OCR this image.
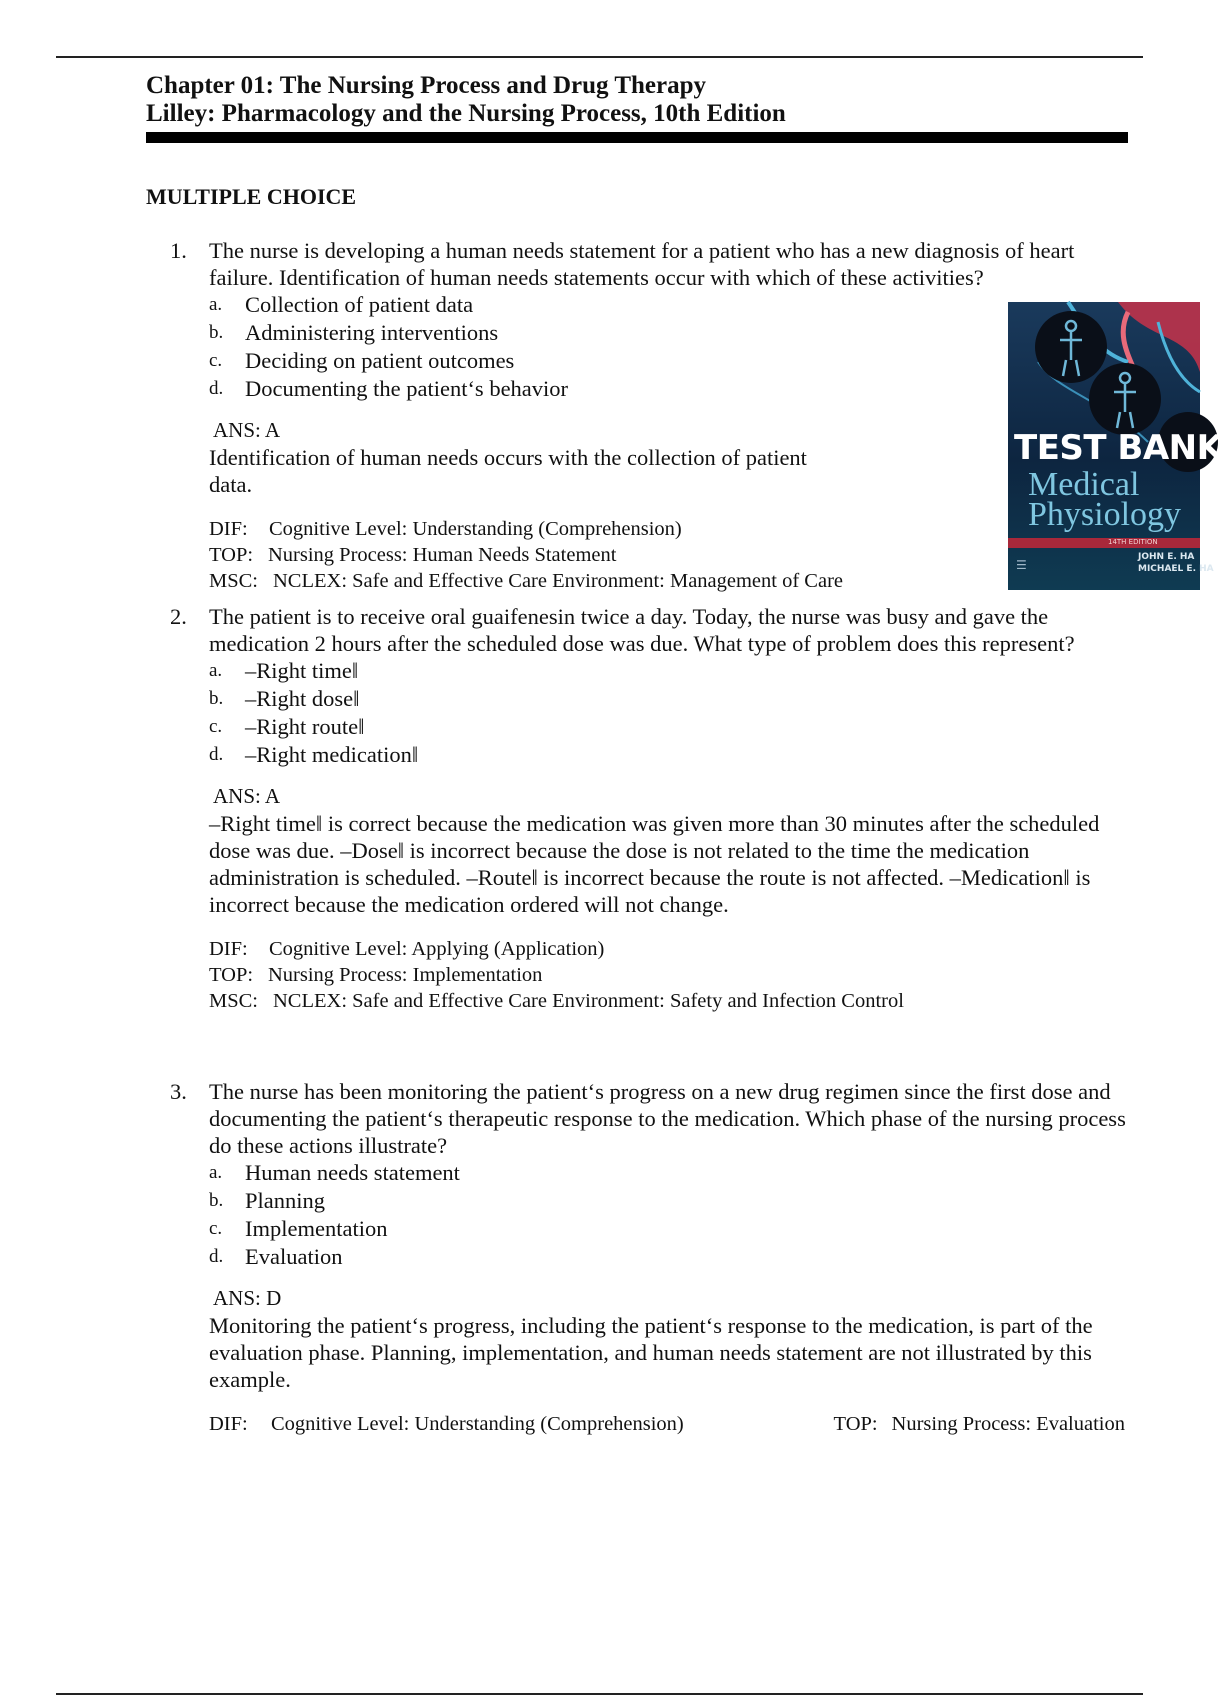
Chapter 01: The Nursing Process and Drug Therapy
Lilley: Pharmacology and the Nursing Process, 10th Edition
MULTIPLE CHOICE
1. The nurse is developing a human needs statement for a patient who has a new diagnosis of heart failure. Identification of human needs statements occur with which of these activities?
a.	Collection of patient data
b. Administering interventions
c.	Deciding on patient outcomes
d. Documenting the patient‘s behavior
ANS: A
Identification of human needs occurs with the collection of patient data.
DIF:	Cognitive Level: Understanding (Comprehension)
TOP: Nursing Process: Human Needs Statement
MSC: NCLEX: Safe and Effective Care Environment: Management of Care
2. The patient is to receive oral guaifenesin twice a day. Today, the nurse was busy and gave the medication 2 hours after the scheduled dose was due. What type of problem does this represent?
a.	–Right time‖
b. –Right dose‖
c.	–Right route‖
d. –Right medication‖
ANS: A
–Right time‖ is correct because the medication was given more than 30 minutes after the scheduled dose was due. –Dose‖ is incorrect because the dose is not related to the time the medication administration is scheduled. –Route‖ is incorrect because the route is not affected. –Medication‖ is incorrect because the medication ordered will not change.
DIF:	Cognitive Level: Applying (Application)
TOP: Nursing Process: Implementation
MSC: NCLEX: Safe and Effective Care Environment: Safety and Infection Control
3. The nurse has been monitoring the patient‘s progress on a new drug regimen since the first dose and documenting the patient‘s therapeutic response to the medication. Which phase of the nursing process do these actions illustrate?
a.	Human needs statement
b. Planning
c.	Implementation
d. Evaluation
ANS: D
Monitoring the patient‘s progress, including the patient‘s response to the medication, is part of the evaluation phase. Planning, implementation, and human needs statement are not illustrated by this example.
DIF: Cognitive Level: Understanding (Comprehension)	TOP: Nursing Process: Evaluation
TEST BANK
Medical
Physiology
14TH EDITION
☰
JOHN E. HA
MICHAEL E. HA
